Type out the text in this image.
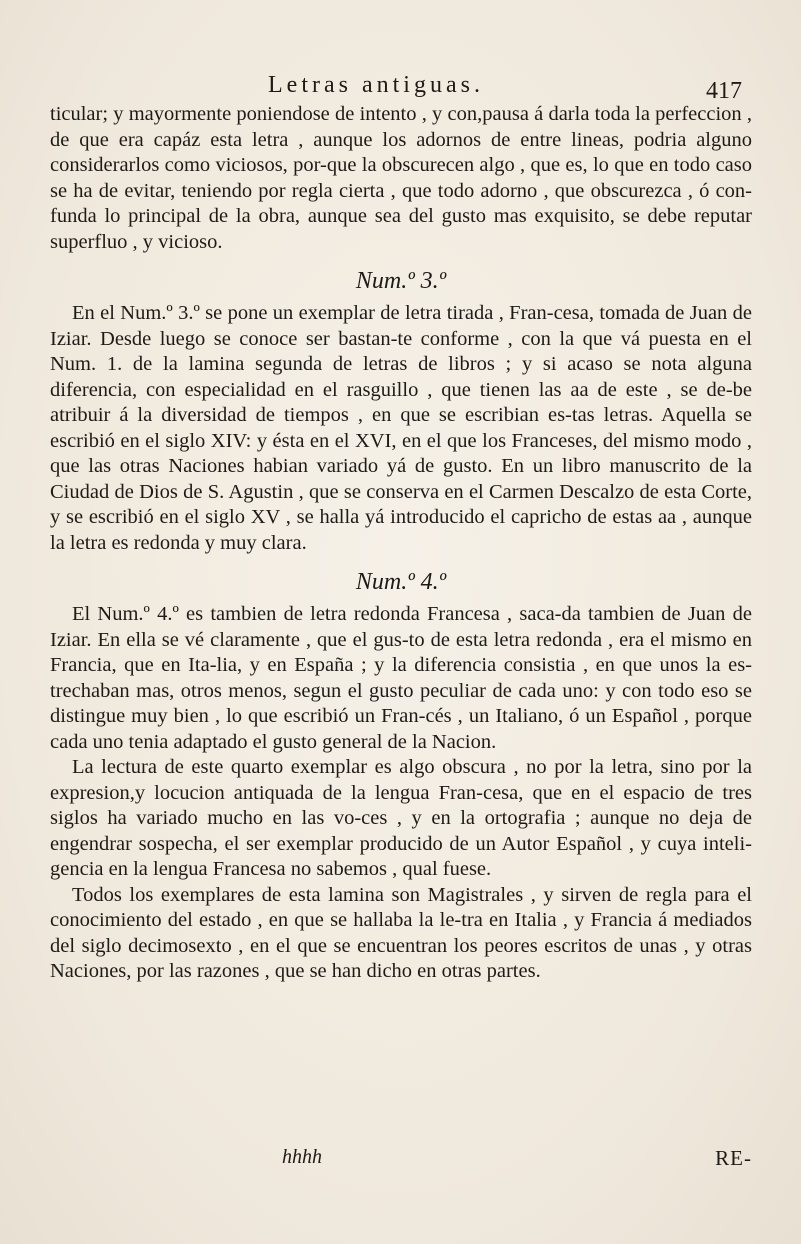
Letras antiguas.	417

ticular; y mayormente poniendose de intento , y con,pausa á darla toda la perfeccion , de que era capáz esta letra , aunque los adornos de entre lineas, podria alguno considerarlos como viciosos, por-que la obscurecen algo , que es, lo que en todo caso se ha de evitar, teniendo por regla cierta , que todo adorno , que obscurezca , ó con-funda lo principal de la obra, aunque sea del gusto mas exquisito, se debe reputar superfluo , y vicioso.

Num.º 3.º

En el Num.º 3.º se pone un exemplar de letra tirada , Fran-cesa, tomada de Juan de Iziar. Desde luego se conoce ser bastan-te conforme , con la que vá puesta en el Num. 1. de la lamina segunda de letras de libros ; y si acaso se nota alguna diferencia, con especialidad en el rasguillo , que tienen las aa de este , se de-be atribuir á la diversidad de tiempos , en que se escribian es-tas letras. Aquella se escribió en el siglo XIV: y ésta en el XVI, en el que los Franceses, del mismo modo , que las otras Naciones habian variado yá de gusto. En un libro manuscrito de la Ciudad de Dios de S. Agustin , que se conserva en el Carmen Descalzo de esta Corte, y se escribió en el siglo XV , se halla yá introducido el capricho de estas aa , aunque la letra es redonda y muy clara.

Num.º 4.º

El Num.º 4.º es tambien de letra redonda Francesa , saca-da tambien de Juan de Iziar. En ella se vé claramente , que el gus-to de esta letra redonda , era el mismo en Francia, que en Ita-lia, y en España ; y la diferencia consistia , en que unos la es-trechaban mas, otros menos, segun el gusto peculiar de cada uno: y con todo eso se distingue muy bien , lo que escribió un Fran-cés , un Italiano, ó un Español , porque cada uno tenia adaptado el gusto general de la Nacion.

La lectura de este quarto exemplar es algo obscura , no por la letra, sino por la expresion,y locucion antiquada de la lengua Fran-cesa, que en el espacio de tres siglos ha variado mucho en las vo-ces , y en la ortografia ; aunque no deja de engendrar sospecha, el ser exemplar producido de un Autor Español , y cuya inteli-gencia en la lengua Francesa no sabemos , qual fuese.

Todos los exemplares de esta lamina son Magistrales , y sirven de regla para el conocimiento del estado , en que se hallaba la le-tra en Italia , y Francia á mediados del siglo decimosexto , en el que se encuentran los peores escritos de unas , y otras Naciones, por las razones , que se han dicho en otras partes.

hhhh	RE-
